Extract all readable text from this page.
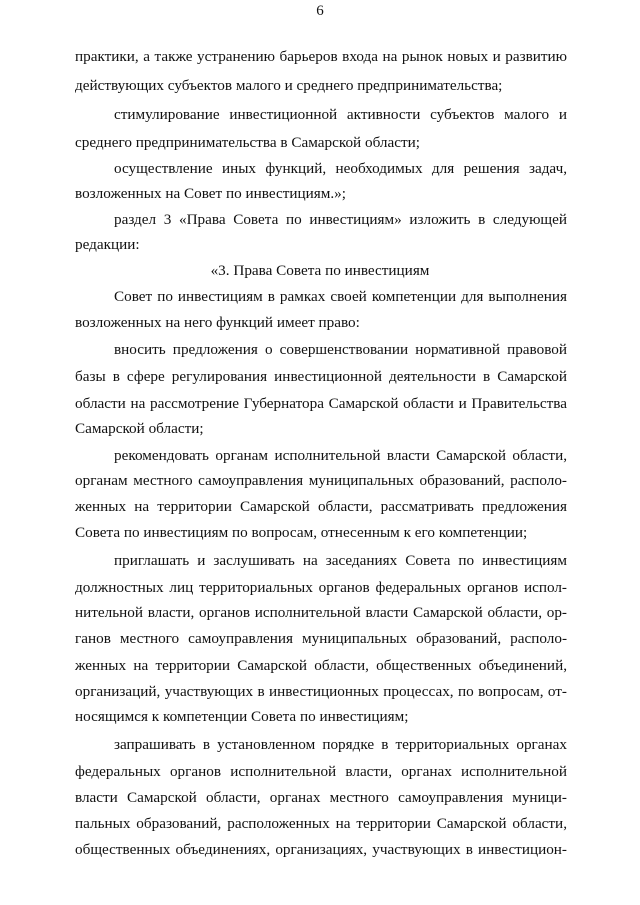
6
практики, а также устранению барьеров входа на рынок новых и развитию
действующих субъектов малого и среднего предпринимательства;
стимулирование инвестиционной активности субъектов малого и
среднего предпринимательства в Самарской области;
осуществление иных функций, необходимых для решения задач,
возложенных на Совет по инвестициям.»;
раздел 3 «Права Совета по инвестициям» изложить в следующей
редакции:
«3. Права Совета по инвестициям
Совет по инвестициям в рамках своей компетенции для выполнения
возложенных на него функций имеет право:
вносить предложения о совершенствовании нормативной правовой
базы в сфере регулирования инвестиционной деятельности в Самарской
области на рассмотрение Губернатора Самарской области и Правительства
Самарской области;
рекомендовать органам исполнительной власти Самарской области,
органам местного самоуправления муниципальных образований, располо-
женных на территории Самарской области, рассматривать предложения
Совета по инвестициям по вопросам, отнесенным к его компетенции;
приглашать и заслушивать на заседаниях Совета по инвестициям
должностных лиц территориальных органов федеральных органов испол-
нительной власти, органов исполнительной власти Самарской области, ор-
ганов местного самоуправления муниципальных образований, располо-
женных на территории Самарской области, общественных объединений,
организаций, участвующих в инвестиционных процессах, по вопросам, от-
носящимся к компетенции Совета по инвестициям;
запрашивать в установленном порядке в территориальных органах
федеральных органов исполнительной власти, органах исполнительной
власти Самарской области, органах местного самоуправления муници-
пальных образований, расположенных на территории Самарской области,
общественных объединениях, организациях, участвующих в инвестицион-
